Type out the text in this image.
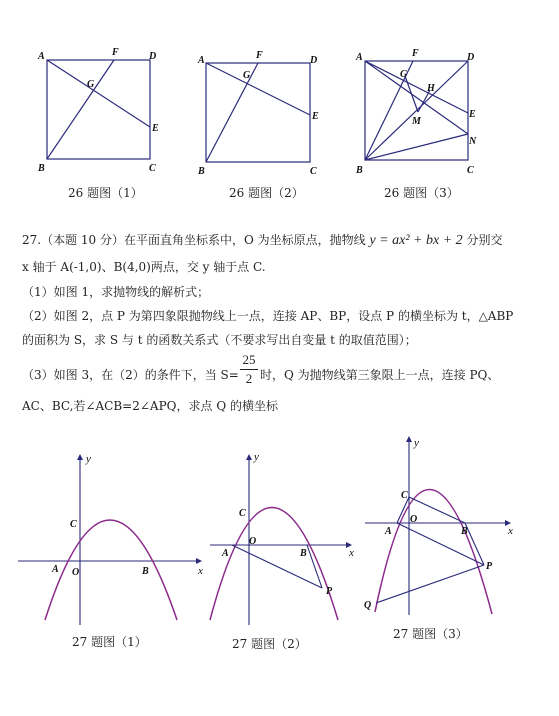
A	F	D
G
E
B	C
26 题图（1）
A	F	D
G
E
B	C
26 题图（2）
A	F	D
G
H
M
E
N
B	C
26 题图（3）
y
x
C
A O	B
27 题图（1）
y
x
C
A
O
B
P
27 题图（2）
y
x
C
A
O
B
P
Q
27 题图（3）
27.（本题 10 分）在平面直角坐标系中，O 为坐标原点，抛物线 y = ax² + bx + 2 分别交
x 轴于 A(-1,0)、B(4,0)两点，交 y 轴于点 C.
（1）如图 1，求抛物线的解析式；
（2）如图 2，点 P 为第四象限抛物线上一点，连接 AP、BP，设点 P 的横坐标为 t，△ABP
的面积为 S，求 S 与 t 的函数关系式（不要求写出自变量 t 的取值范围）；
（3）如图 3，在（2）的条件下，当 S=
25
2 时，Q 为抛物线第三象限上一点，连接 PQ、
AC、BC,若∠ACB=2∠APQ，求点 Q 的横坐标
